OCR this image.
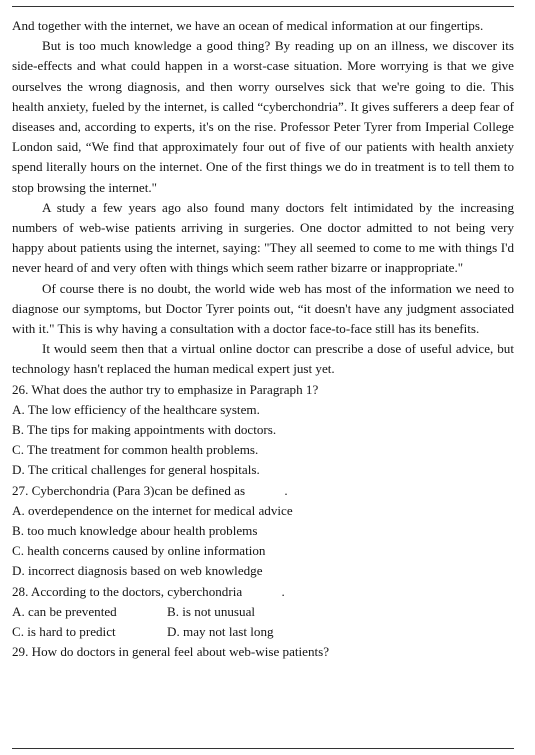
And together with the internet, we have an ocean of medical information at our fingertips.

But is too much knowledge a good thing? By reading up on an illness, we discover its side-effects and what could happen in a worst-case situation. More worrying is that we give ourselves the wrong diagnosis, and then worry ourselves sick that we're going to die. This health anxiety, fueled by the internet, is called “cyberchondria”. It gives sufferers a deep fear of diseases and, according to experts, it's on the rise. Professor Peter Tyrer from Imperial College London said, “We find that approximately four out of five of our patients with health anxiety spend literally hours on the internet. One of the first things we do in treatment is to tell them to stop browsing the internet."

A study a few years ago also found many doctors felt intimidated by the increasing numbers of web-wise patients arriving in surgeries. One doctor admitted to not being very happy about patients using the internet, saying: "They all seemed to come to me with things I'd never heard of and very often with things which seem rather bizarre or inappropriate."

Of course there is no doubt, the world wide web has most of the information we need to diagnose our symptoms, but Doctor Tyrer points out, “it doesn't have any judgment associated with it." This is why having a consultation with a doctor face-to-face still has its benefits.

It would seem then that a virtual online doctor can prescribe a dose of useful advice, but technology hasn't replaced the human medical expert just yet.

26. What does the author try to emphasize in Paragraph 1?

A. The low efficiency of the healthcare system.

B. The tips for making appointments with doctors.

C. The treatment for common health problems.

D. The critical challenges for general hospitals.

27. Cyberchondria (Para 3)can be defined as            .

A. overdependence on the internet for medical advice

B. too much knowledge abour health problems

C. health concerns caused by online information

D. incorrect diagnosis based on web knowledge

28. According to the doctors, cyberchondria            .

A. can be prevented	B. is not unusual
C. is hard to predict	D. may not last long

29. How do doctors in general feel about web-wise patients?
